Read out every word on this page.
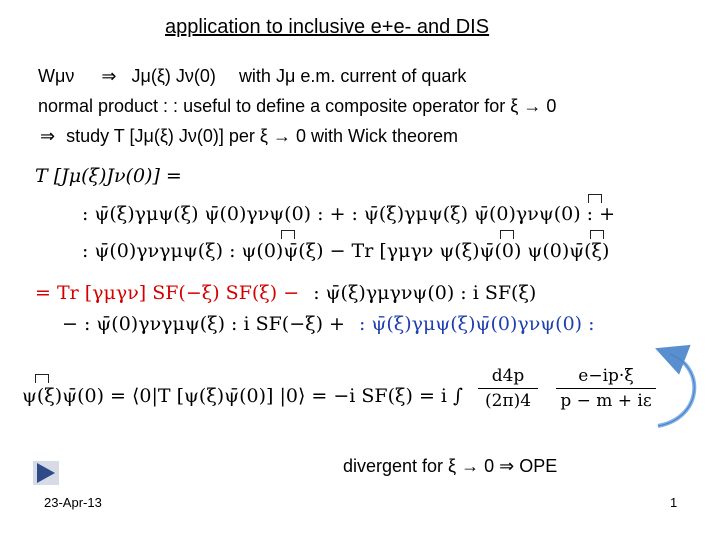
application to inclusive e+e- and DIS
Wμν ⇒ Jμ(ξ) Jν(0) with Jμ e.m. current of quark
normal product : : useful to define a composite operator for ξ → 0
⇒ study T [Jμ(ξ) Jν(0)] per ξ → 0 with Wick theorem
T [Jμ(ξ)Jν(0)] =
: ψ̄(ξ)γμψ(ξ) ψ̄(0)γνψ(0) : + : ψ̄(ξ)γμψ(ξ) ψ̄(0)γνψ(0) : +
: ψ̄(0)γνγμψ(ξ) : ψ(0)ψ̄(ξ) − Tr [γμγν ψ(ξ)ψ̄(0) ψ(0)ψ̄(ξ)
= Tr [γμγν] SF(−ξ) SF(ξ) − : ψ̄(ξ)γμγνψ(0) : i SF(ξ)
− : ψ̄(0)γνγμψ(ξ) : i SF(−ξ) + : ψ̄(ξ)γμψ(ξ)ψ̄(0)γνψ(0) :
ψ(ξ)ψ̄(0) = ⟨0|T [ψ(ξ)ψ̄(0)] |0⟩ = −i SF(ξ) = i ∫ $\frac{d4p}{(2\pi)4} \frac{e-ip\cdot\xi}{p - m + i\varepsilon}$
divergent for ξ → 0 ⇒ OPE
23-Apr-13	1
